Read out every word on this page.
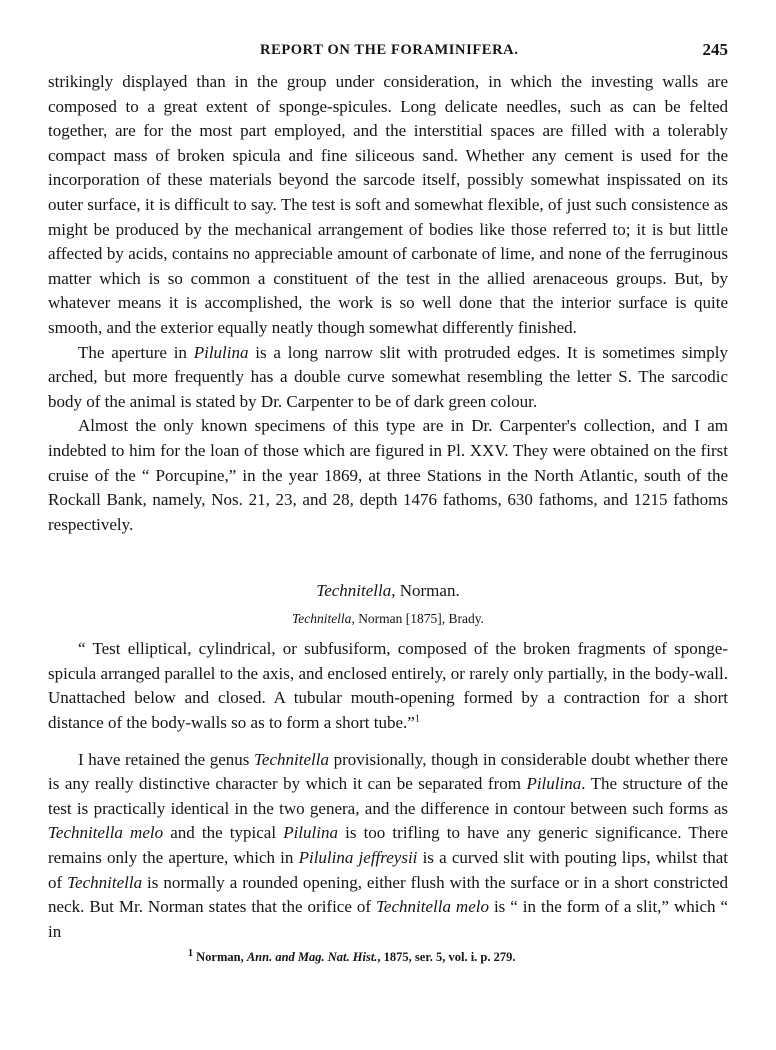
REPORT ON THE FORAMINIFERA.	245

strikingly displayed than in the group under consideration, in which the investing walls are composed to a great extent of sponge-spicules. Long delicate needles, such as can be felted together, are for the most part employed, and the interstitial spaces are filled with a tolerably compact mass of broken spicula and fine siliceous sand. Whether any cement is used for the incorporation of these materials beyond the sarcode itself, possibly somewhat inspissated on its outer surface, it is difficult to say. The test is soft and somewhat flexible, of just such consistence as might be produced by the mechanical arrangement of bodies like those referred to; it is but little affected by acids, contains no appreciable amount of carbonate of lime, and none of the ferruginous matter which is so common a constituent of the test in the allied arenaceous groups. But, by whatever means it is accomplished, the work is so well done that the interior surface is quite smooth, and the exterior equally neatly though somewhat differently finished.

The aperture in Pilulina is a long narrow slit with protruded edges. It is sometimes simply arched, but more frequently has a double curve somewhat resembling the letter S. The sarcodic body of the animal is stated by Dr. Carpenter to be of dark green colour.

Almost the only known specimens of this type are in Dr. Carpenter's collection, and I am indebted to him for the loan of those which are figured in Pl. XXV. They were obtained on the first cruise of the “ Porcupine,” in the year 1869, at three Stations in the North Atlantic, south of the Rockall Bank, namely, Nos. 21, 23, and 28, depth 1476 fathoms, 630 fathoms, and 1215 fathoms respectively.

Technitella, Norman.
Technitella, Norman [1875], Brady.

“ Test elliptical, cylindrical, or subfusiform, composed of the broken fragments of sponge-spicula arranged parallel to the axis, and enclosed entirely, or rarely only partially, in the body-wall. Unattached below and closed. A tubular mouth-opening formed by a contraction for a short distance of the body-walls so as to form a short tube.”$^1$

I have retained the genus Technitella provisionally, though in considerable doubt whether there is any really distinctive character by which it can be separated from Pilulina. The structure of the test is practically identical in the two genera, and the difference in contour between such forms as Technitella melo and the typical Pilulina is too trifling to have any generic significance. There remains only the aperture, which in Pilulina jeffreysii is a curved slit with pouting lips, whilst that of Technitella is normally a rounded opening, either flush with the surface or in a short constricted neck. But Mr. Norman states that the orifice of Technitella melo is “ in the form of a slit,” which “ in

$^1$ Norman, Ann. and Mag. Nat. Hist., 1875, ser. 5, vol. i. p. 279.
